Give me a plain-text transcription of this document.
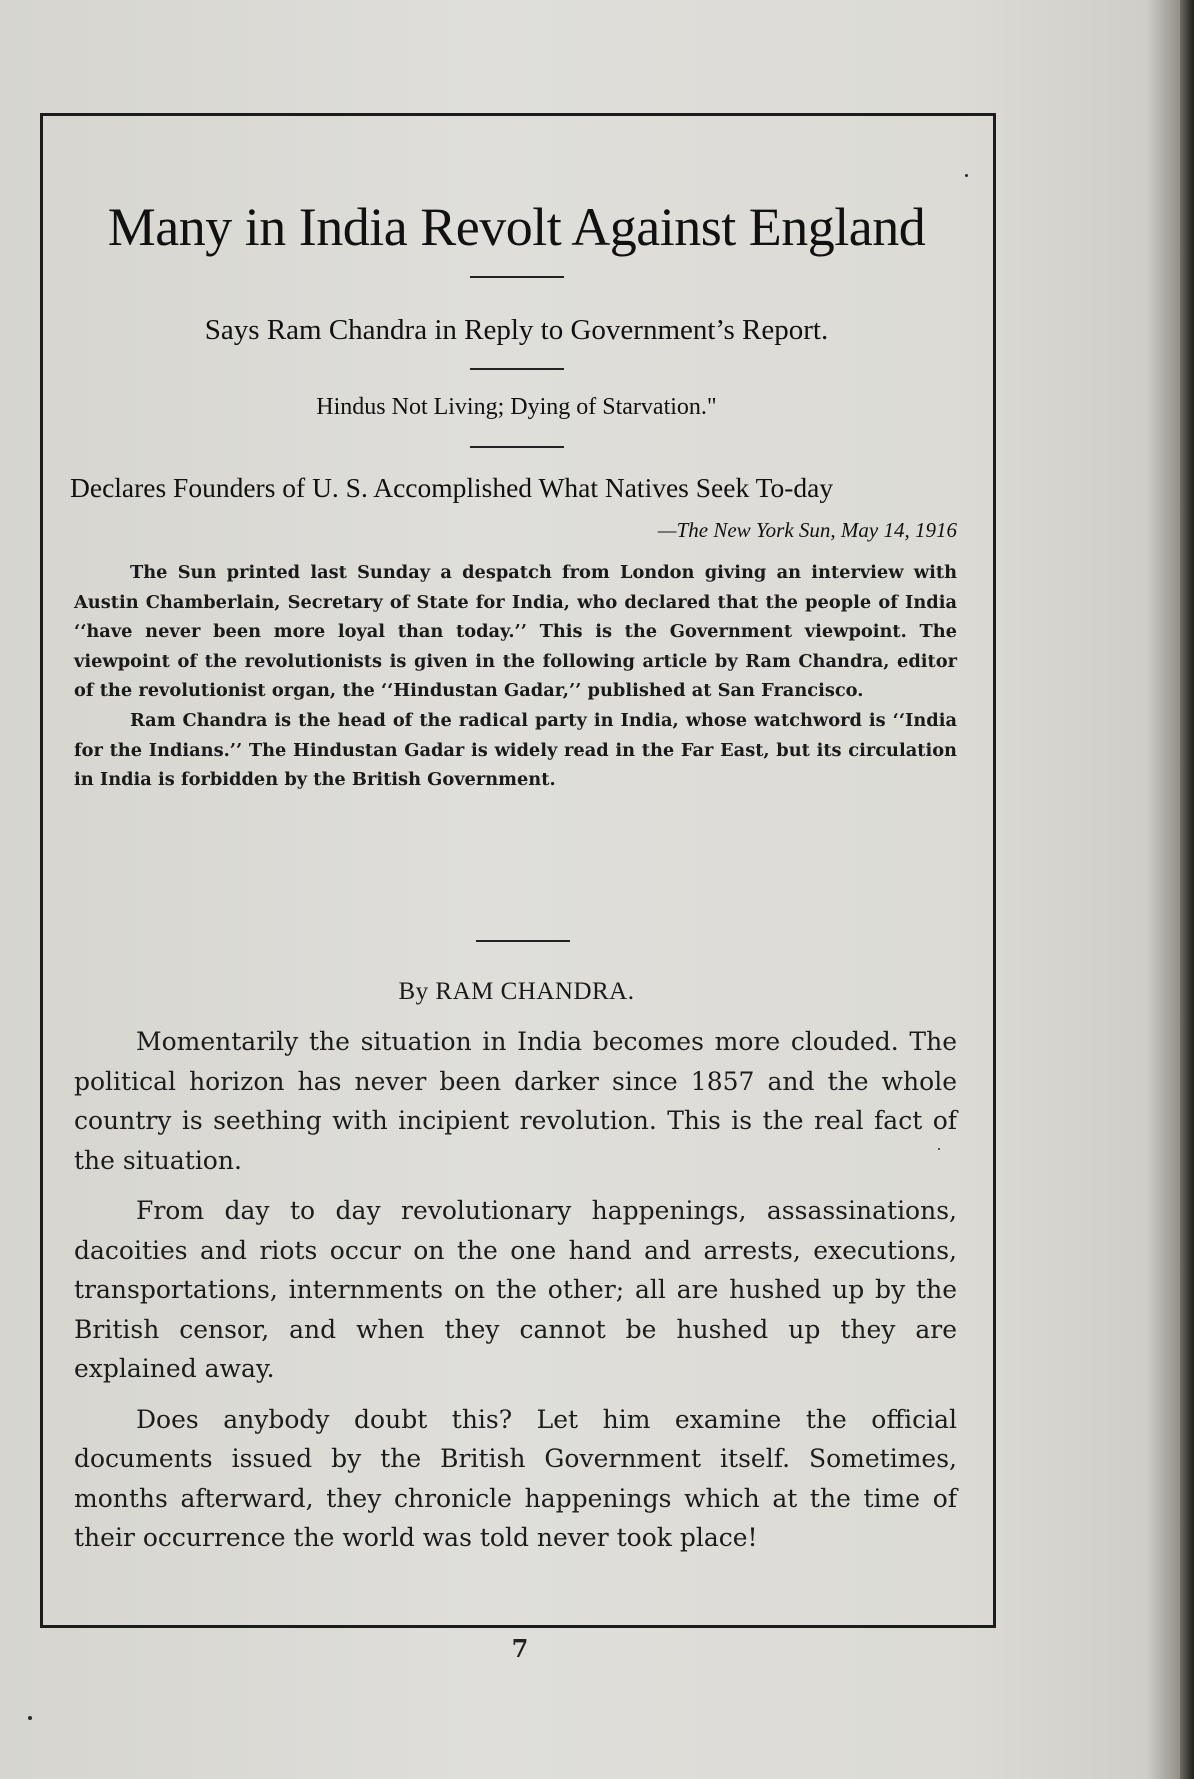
Many in India Revolt Against England
Says Ram Chandra in Reply to Government’s Report.
Hindus Not Living; Dying of Starvation."
Declares Founders of U. S. Accomplished What Natives Seek To-day
—The New York Sun, May 14, 1916

The Sun printed last Sunday a despatch from London giving an interview with Austin Chamberlain, Secretary of State for India, who declared that the people of India ‘‘have never been more loyal than today.’’ This is the Government viewpoint. The viewpoint of the revolutionists is given in the following article by Ram Chandra, editor of the revolutionist organ, the ‘‘Hindustan Gadar,’’ published at San Francisco.

Ram Chandra is the head of the radical party in India, whose watchword is ‘‘India for the Indians.’’ The Hindustan Gadar is widely read in the Far East, but its circulation in India is forbidden by the British Government.

By RAM CHANDRA.

Momentarily the situation in India becomes more clouded. The political horizon has never been darker since 1857 and the whole country is seething with incipient revolution. This is the real fact of the situation.

From day to day revolutionary happenings, assassinations, dacoities and riots occur on the one hand and arrests, executions, transportations, internments on the other; all are hushed up by the British censor, and when they cannot be hushed up they are explained away.

Does anybody doubt this? Let him examine the official documents issued by the British Government itself. Sometimes, months afterward, they chronicle happenings which at the time of their occurrence the world was told never took place!

7
